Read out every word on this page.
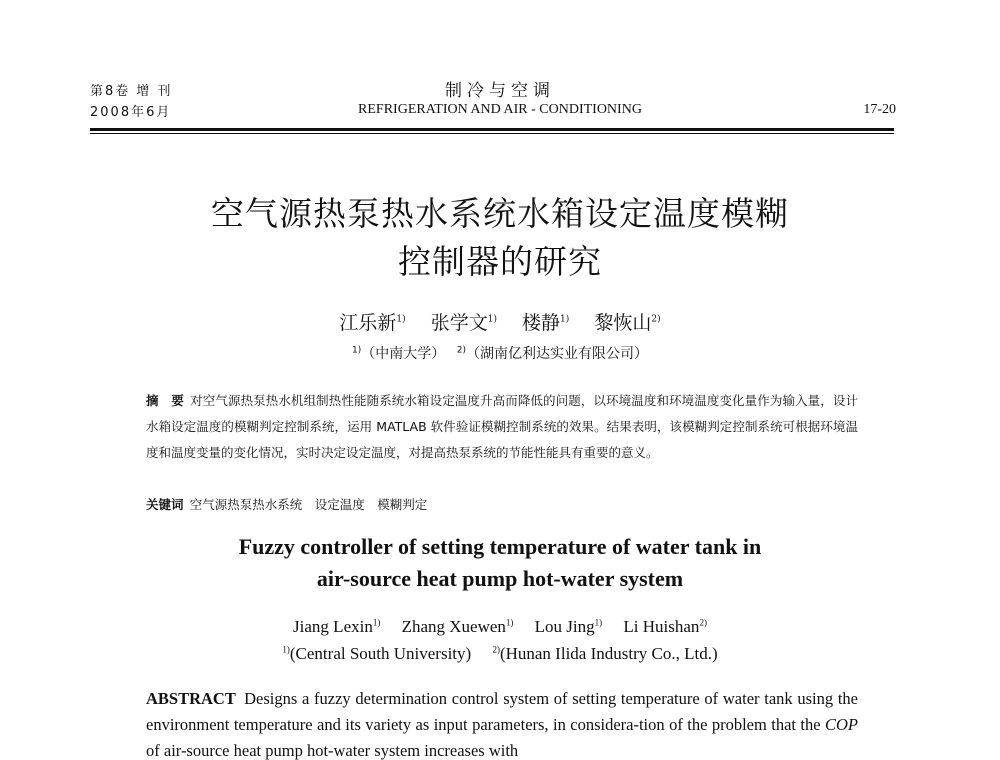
第8卷 增 刊
2008年6月
制冷与空调
REFRIGERATION AND AIR - CONDITIONING	17-20
空气源热泵热水系统水箱设定温度模糊
控制器的研究
江乐新$^{1)}$  张学文$^{1)}$  楼静$^{1)}$  黎恢山$^{2)}$
$^{1)}$（中南大学）  $^{2)}$（湖南亿利达实业有限公司）
摘　要  对空气源热泵热水机组制热性能随系统水箱设定温度升高而降低的问题，以环境温度和环境温度变化量作为输入量，设计水箱设定温度的模糊判定控制系统，运用 MATLAB 软件验证模糊控制系统的效果。结果表明，该模糊判定控制系统可根据环境温度和温度变量的变化情况，实时决定设定温度，对提高热泵系统的节能性能具有重要的意义。
关键词  空气源热泵热水系统　设定温度　模糊判定
Fuzzy controller of setting temperature of water tank in
air-source heat pump hot-water system
Jiang Lexin$^{1)}$  Zhang Xuewen$^{1)}$  Lou Jing$^{1)}$  Li Huishan$^{2)}$
$^{1)}$(Central South University)  $^{2)}$(Hunan Ilida Industry Co., Ltd.)
ABSTRACT  Designs a fuzzy determination control system of setting temperature of water tank using the environment temperature and its variety as input parameters, in considera-tion of the problem that the COP of air-source heat pump hot-water system increases with
